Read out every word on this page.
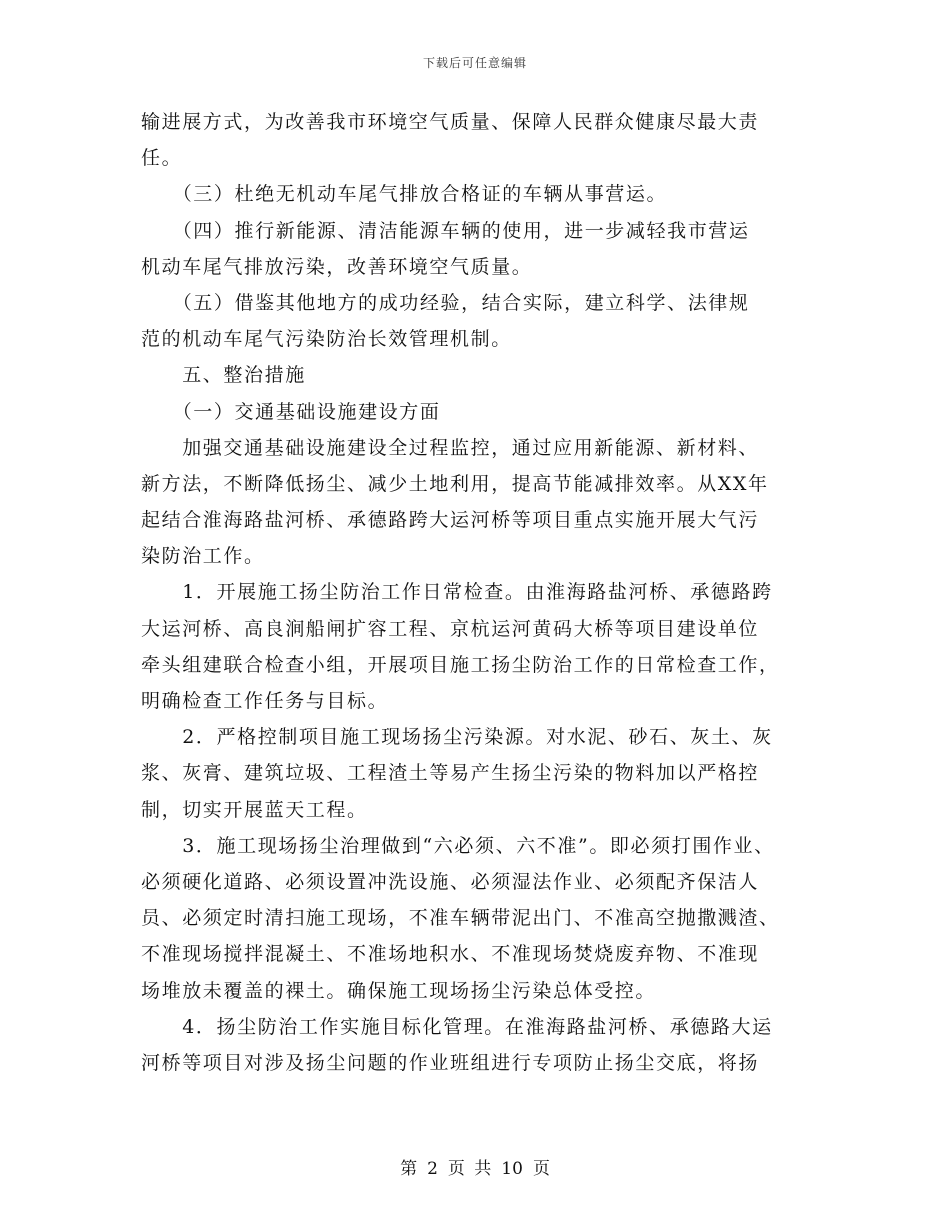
下载后可任意编辑
输进展方式，为改善我市环境空气质量、保障人民群众健康尽最大责
任。
　　（三）杜绝无机动车尾气排放合格证的车辆从事营运。
　　（四）推行新能源、清洁能源车辆的使用，进一步减轻我市营运
机动车尾气排放污染，改善环境空气质量。
　　（五）借鉴其他地方的成功经验，结合实际，建立科学、法律规
范的机动车尾气污染防治长效管理机制。
　　五、整治措施
　　（一）交通基础设施建设方面
　　加强交通基础设施建设全过程监控，通过应用新能源、新材料、
新方法，不断降低扬尘、减少土地利用，提高节能减排效率。从XX年
起结合淮海路盐河桥、承德路跨大运河桥等项目重点实施开展大气污
染防治工作。
　　1．开展施工扬尘防治工作日常检查。由淮海路盐河桥、承德路跨
大运河桥、高良涧船闸扩容工程、京杭运河黄码大桥等项目建设单位
牵头组建联合检查小组，开展项目施工扬尘防治工作的日常检查工作，
明确检查工作任务与目标。
　　2．严格控制项目施工现场扬尘污染源。对水泥、砂石、灰土、灰
浆、灰膏、建筑垃圾、工程渣土等易产生扬尘污染的物料加以严格控
制，切实开展蓝天工程。
　　3．施工现场扬尘治理做到“六必须、六不准”。即必须打围作业、
必须硬化道路、必须设置冲洗设施、必须湿法作业、必须配齐保洁人
员、必须定时清扫施工现场，不准车辆带泥出门、不准高空抛撒溅渣、
不准现场搅拌混凝土、不准场地积水、不准现场焚烧废弃物、不准现
场堆放未覆盖的裸土。确保施工现场扬尘污染总体受控。
　　4．扬尘防治工作实施目标化管理。在淮海路盐河桥、承德路大运
河桥等项目对涉及扬尘问题的作业班组进行专项防止扬尘交底，将扬
第 2 页 共 10 页
